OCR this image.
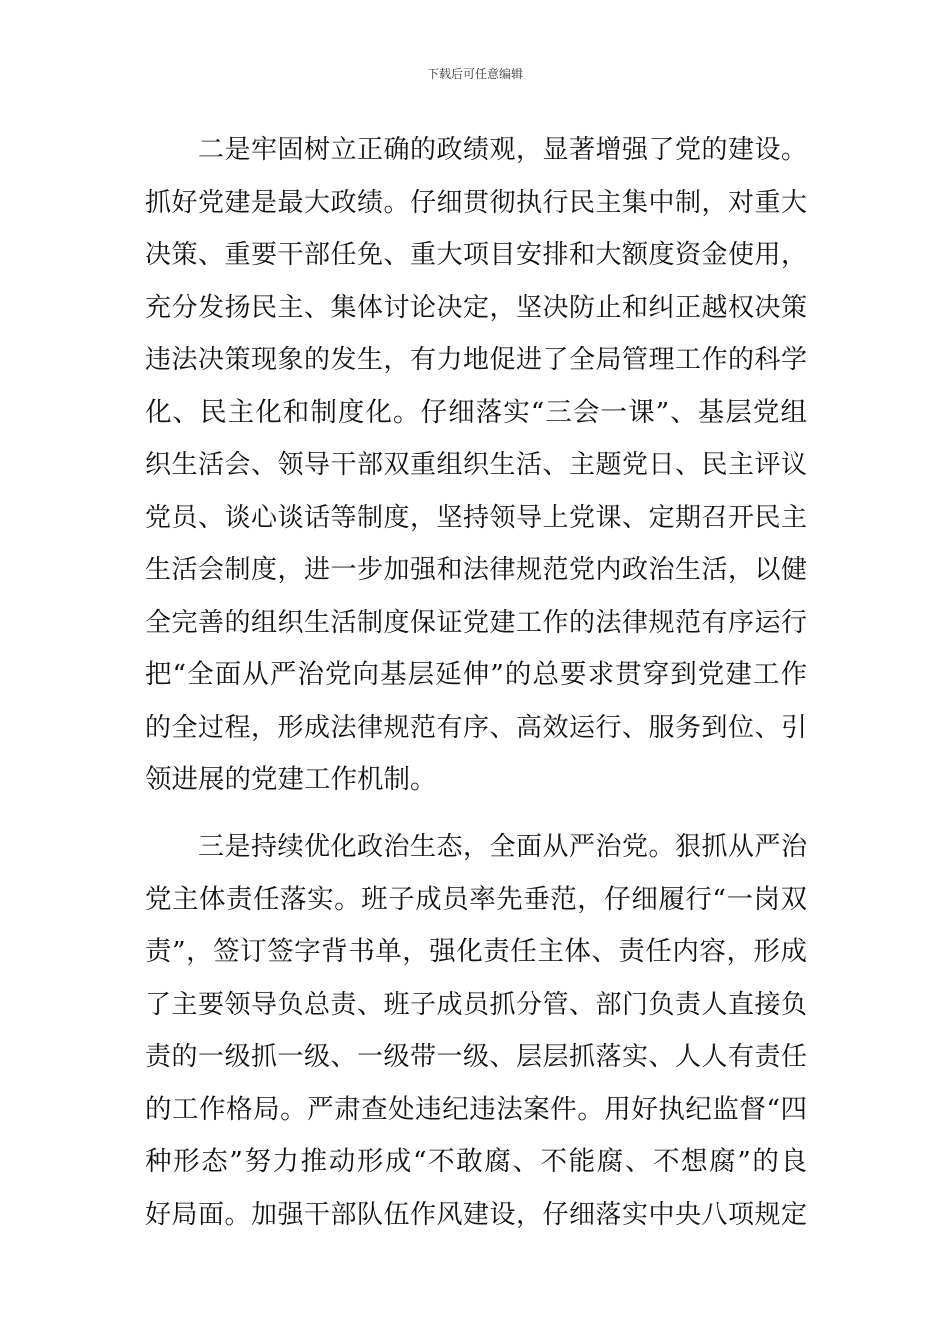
下载后可任意编辑
二是牢固树立正确的政绩观，显著增强了党的建设。
抓好党建是最大政绩。仔细贯彻执行民主集中制，对重大
决策、重要干部任免、重大项目安排和大额度资金使用，
充分发扬民主、集体讨论决定，坚决防止和纠正越权决策
违法决策现象的发生，有力地促进了全局管理工作的科学
化、民主化和制度化。仔细落实“三会一课”、基层党组
织生活会、领导干部双重组织生活、主题党日、民主评议
党员、谈心谈话等制度，坚持领导上党课、定期召开民主
生活会制度，进一步加强和法律规范党内政治生活，以健
全完善的组织生活制度保证党建工作的法律规范有序运行
把“全面从严治党向基层延伸”的总要求贯穿到党建工作
的全过程，形成法律规范有序、高效运行、服务到位、引
领进展的党建工作机制。
三是持续优化政治生态，全面从严治党。狠抓从严治
党主体责任落实。班子成员率先垂范，仔细履行“一岗双
责”，签订签字背书单，强化责任主体、责任内容，形成
了主要领导负总责、班子成员抓分管、部门负责人直接负
责的一级抓一级、一级带一级、层层抓落实、人人有责任
的工作格局。严肃查处违纪违法案件。用好执纪监督“四
种形态”努力推动形成“不敢腐、不能腐、不想腐”的良
好局面。加强干部队伍作风建设，仔细落实中央八项规定
